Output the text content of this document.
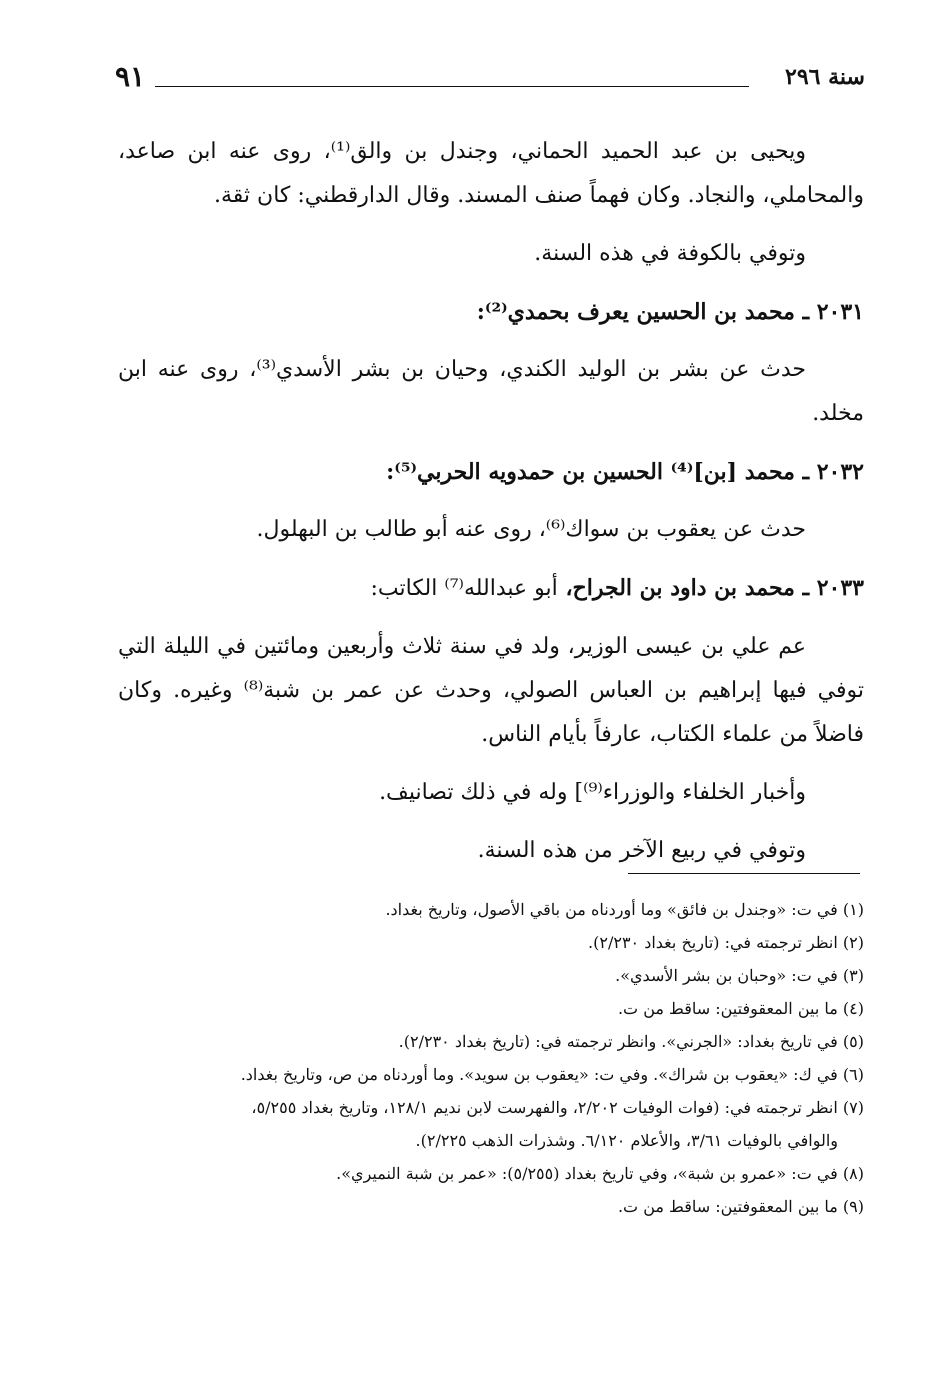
سنة ٢٩٦
٩١

ويحيى بن عبد الحميد الحماني، وجندل بن والق⁽¹⁾، روى عنه ابن صاعد، والمحاملي، والنجاد. وكان فهماً صنف المسند. وقال الدارقطني: كان ثقة.

وتوفي بالكوفة في هذه السنة.

٢٠٣١ ـ محمد بن الحسين يعرف بحمدي⁽²⁾:

حدث عن بشر بن الوليد الكندي، وحيان بن بشر الأسدي⁽³⁾، روى عنه ابن مخلد.

٢٠٣٢ ـ محمد [بن]⁽⁴⁾ الحسين بن حمدويه الحربي⁽⁵⁾:

حدث عن يعقوب بن سواك⁽⁶⁾، روى عنه أبو طالب بن البهلول.

٢٠٣٣ ـ محمد بن داود بن الجراح، أبو عبدالله⁽⁷⁾ الكاتب:

عم علي بن عيسى الوزير، ولد في سنة ثلاث وأربعين ومائتين في الليلة التي توفي فيها إبراهيم بن العباس الصولي، وحدث عن عمر بن شبة⁽⁸⁾ وغيره. وكان فاضلاً من علماء الكتاب، عارفاً بأيام الناس.

وأخبار الخلفاء والوزراء⁽⁹⁾] وله في ذلك تصانيف.

وتوفي في ربيع الآخر من هذه السنة.

(١) في ت: «وجندل بن فائق» وما أوردناه من باقي الأصول، وتاريخ بغداد.

(٢) انظر ترجمته في: (تاريخ بغداد ٢/٢٣٠).

(٣) في ت: «وحبان بن بشر الأسدي».

(٤) ما بين المعقوفتين: ساقط من ت.

(٥) في تاريخ بغداد: «الجرني». وانظر ترجمته في: (تاريخ بغداد ٢/٢٣٠).

(٦) في ك: «يعقوب بن شراك». وفي ت: «يعقوب بن سويد». وما أوردناه من ص، وتاريخ بغداد.

(٧) انظر ترجمته في: (فوات الوفيات ٢/٢٠٢، والفهرست لابن نديم ١٢٨/١، وتاريخ بغداد ٥/٢٥٥،

والوافي بالوفيات ٣/٦١، والأعلام ٦/١٢٠. وشذرات الذهب ٢/٢٢٥).

(٨) في ت: «عمرو بن شبة»، وفي تاريخ بغداد (٥/٢٥٥): «عمر بن شبة النميري».

(٩) ما بين المعقوفتين: ساقط من ت.
